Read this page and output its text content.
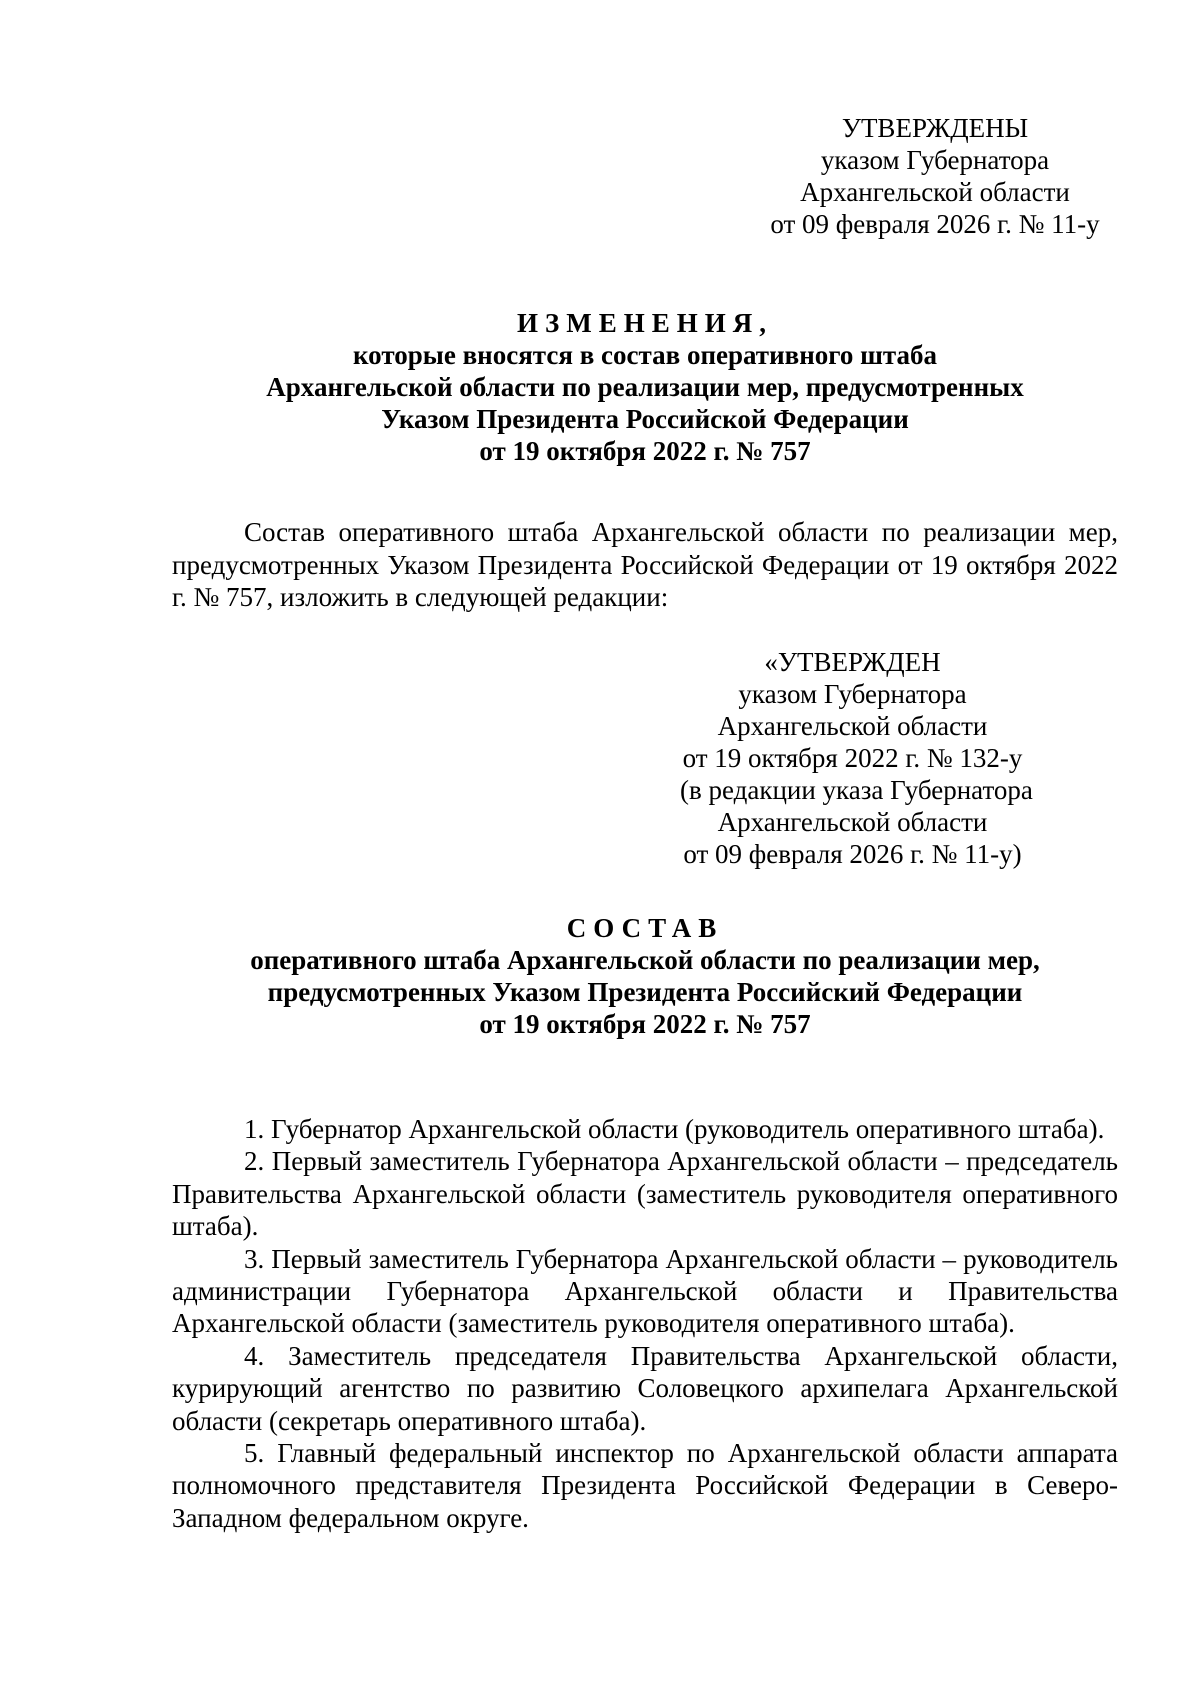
УТВЕРЖДЕНЫ
указом Губернатора
Архангельской области
от 09 февраля 2026 г. № 11-у
ИЗМЕНЕНИЯ,
которые вносятся в состав оперативного штаба
Архангельской области по реализации мер, предусмотренных
Указом Президента Российской Федерации
от 19 октября 2022 г. № 757

Состав оперативного штаба Архангельской области по реализации мер, предусмотренных Указом Президента Российской Федерации от 19 октября 2022 г. № 757, изложить в следующей редакции:

«УТВЕРЖДЕН
указом Губернатора
Архангельской области
от 19 октября 2022 г. № 132-у
(в редакции указа Губернатора
Архангельской области
от 09 февраля 2026 г. № 11-у)
СОСТАВ
оперативного штаба Архангельской области по реализации мер,
предусмотренных Указом Президента Российский Федерации
от 19 октября 2022 г. № 757

1. Губернатор Архангельской области (руководитель оперативного штаба).

2. Первый заместитель Губернатора Архангельской области – председатель Правительства Архангельской области (заместитель руководителя оперативного штаба).

3. Первый заместитель Губернатора Архангельской области – руководитель администрации Губернатора Архангельской области и Правительства Архангельской области (заместитель руководителя оперативного штаба).

4. Заместитель председателя Правительства Архангельской области, курирующий агентство по развитию Соловецкого архипелага Архангельской области (секретарь оперативного штаба).

5. Главный федеральный инспектор по Архангельской области аппарата полномочного представителя Президента Российской Федерации в Северо-Западном федеральном округе.
